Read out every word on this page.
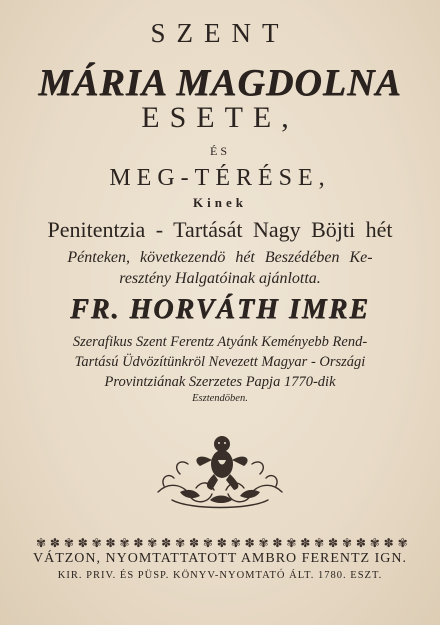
SZENT
MÁRIA MAGDOLNA
ESETE,
ÉS
MEG-TÉRÉSE,
Kinek
Penitentzia - Tartását Nagy Böjti hét
Pénteken, következendö hét Beszédében Ke-
resztény Halgatóinak ajánlotta.
FR. HORVÁTH IMRE
Szerafikus Szent Ferentz Atyánk Keményebb Rend-
Tartású Üdvözítünkröl Nevezett Magyar - Országi
Provintziának Szerzetes Papja 1770-dik
Esztendöben.
✾ ✽ ✾ ✽ ✾ ✽ ✾ ✽ ✾ ✽ ✾ ✽ ✾ ✽ ✾ ✽ ✾ ✽ ✾ ✽ ✾ ✽ ✾ ✽ ✾ ✽ ✾
VÁTZON, NYOMTATTATOTT AMBRO FERENTZ IGN.
KIR. PRIV. ÉS PÜSP. KÖNYV-NYOMTATÓ ÁLT. 1780. ESZT.
